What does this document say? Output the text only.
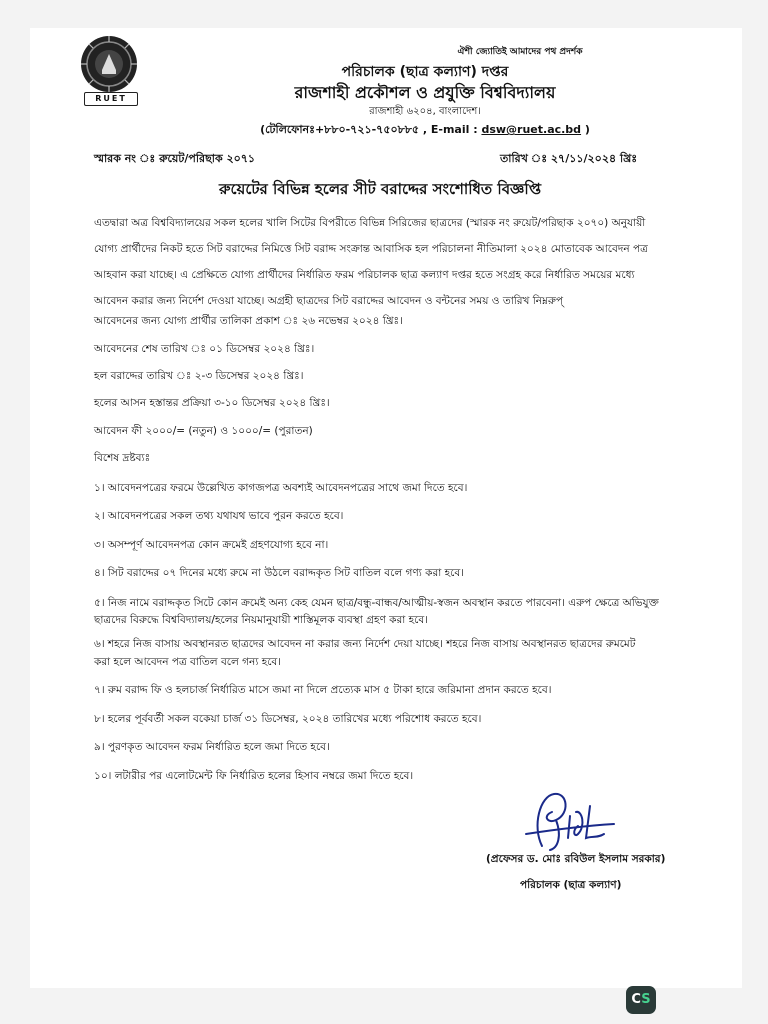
RUET
ঐশী জ্যোতিই আমাদের পথ প্রদর্শক
পরিচালক (ছাত্র কল্যাণ) দপ্তর
রাজশাহী প্রকৌশল ও প্রযুক্তি বিশ্ববিদ্যালয়
রাজশাহী ৬২০৪, বাংলাদেশ।
(টেলিফোনঃ+৮৮০-৭২১-৭৫০৮৮৫ , E-mail : dsw@ruet.ac.bd )
স্মারক নং ঃ রুয়েট/পরিছাক ২০৭১	তারিখ ঃ ২৭/১১/২০২৪ খ্রিঃ
রুয়েটের বিভিন্ন হলের সীট বরাদ্দের সংশোধিত বিজ্ঞপ্তি
এতদ্বারা অত্র বিশ্ববিদ্যালয়ের সকল হলের খালি সিটের বিপরীতে বিভিন্ন সিরিজের ছাত্রদের (স্মারক নং রুয়েট/পরিছাক ২০৭০) অনুযায়ী
যোগ্য প্রার্থীদের নিকট হতে সিট বরাদ্দের নিমিত্তে সিট বরাদ্দ সংক্রান্ত আবাসিক হল পরিচালনা নীতিমালা ২০২৪ মোতাবেক আবেদন পত্র
আহবান করা যাচ্ছে। এ প্রেক্ষিতে যোগ্য প্রার্থীদের নির্ধারিত ফরম পরিচালক ছাত্র কল্যাণ দপ্তর হতে সংগ্রহ করে নির্ধারিত সময়ের মধ্যে
আবেদন করার জন্য নির্দেশ দেওয়া যাচ্ছে। অগ্রহী ছাত্রদের সিট বরাদ্দের আবেদন ও বন্টনের সময় ও তারিখ নিম্নরুপ্
আবেদনের জন্য যোগ্য প্রার্থীর তালিকা প্রকাশ ঃ ২৬ নভেম্বর ২০২৪ খ্রিঃ।
আবেদনের শেষ তারিখ ঃ ০১ ডিসেম্বর ২০২৪ খ্রিঃ।
হল বরাদ্দের তারিখ ঃ ২-৩ ডিসেম্বর ২০২৪ খ্রিঃ।
হলের আসন হস্তান্তর প্রক্রিয়া ৩-১০ ডিসেম্বর ২০২৪ খ্রিঃ।
আবেদন ফী ২০০০/= (নতুন) ও ১০০০/= (পুরাতন)
বিশেষ দ্রষ্টব্যঃ
১। আবেদনপত্রের ফরমে উল্লেখিত কাগজপত্র অবশ্যই আবেদনপত্রের সাথে জমা দিতে হবে।
২। আবেদনপত্রের সকল তথ্য যথাযথ ভাবে পুরন করতে হবে।
৩। অসম্পূর্ণ আবেদনপত্র কোন ক্রমেই গ্রহণযোগ্য হবে না।
৪। সিট বরাদ্দের ০৭ দিনের মধ্যে রুমে না উঠলে বরাদ্দকৃত সিট বাতিল বলে গণ্য করা হবে।
৫। নিজ নামে বরাদ্দকৃত সিটে কোন ক্রমেই অন্য কেহ যেমন ছাত্র/বন্ধু-বান্ধব/আত্মীয়-স্বজন অবস্থান করতে পারবেনা। এরুপ ক্ষেত্রে অভিযুক্ত
ছাত্রদের বিরুদ্ধে বিশ্ববিদ্যালয়/হলের নিয়মানুযায়ী শাস্তিমূলক ব্যবস্থা গ্রহণ করা হবে।
৬। শহরে নিজ বাসায় অবস্থানরত ছাত্রদের আবেদন না করার জন্য নির্দেশ দেয়া যাচ্ছে। শহরে নিজ বাসায় অবস্থানরত ছাত্রদের রুমমেট
করা হলে আবেদন পত্র বাতিল বলে গন্য হবে।
৭। রুম বরাদ্দ ফি ও হলচার্জ নির্ধারিত মাসে জমা না দিলে প্রত্যেক মাস ৫ টাকা হারে জরিমানা প্রদান করতে হবে।
৮। হলের পূর্ববর্তী সকল বকেয়া চার্জ ৩১ ডিসেম্বর, ২০২৪ তারিখের মধ্যে পরিশোধ করতে হবে।
৯। পুরণকৃত আবেদন ফরম নির্ধারিত হলে জমা দিতে হবে।
১০। লটারীর পর এলোটমেন্ট ফি নির্ধারিত হলের হিসাব নম্বরে জমা দিতে হবে।
(প্রফেসর ড. মোঃ রবিউল ইসলাম সরকার)
পরিচালক (ছাত্র কল্যাণ)
CS
